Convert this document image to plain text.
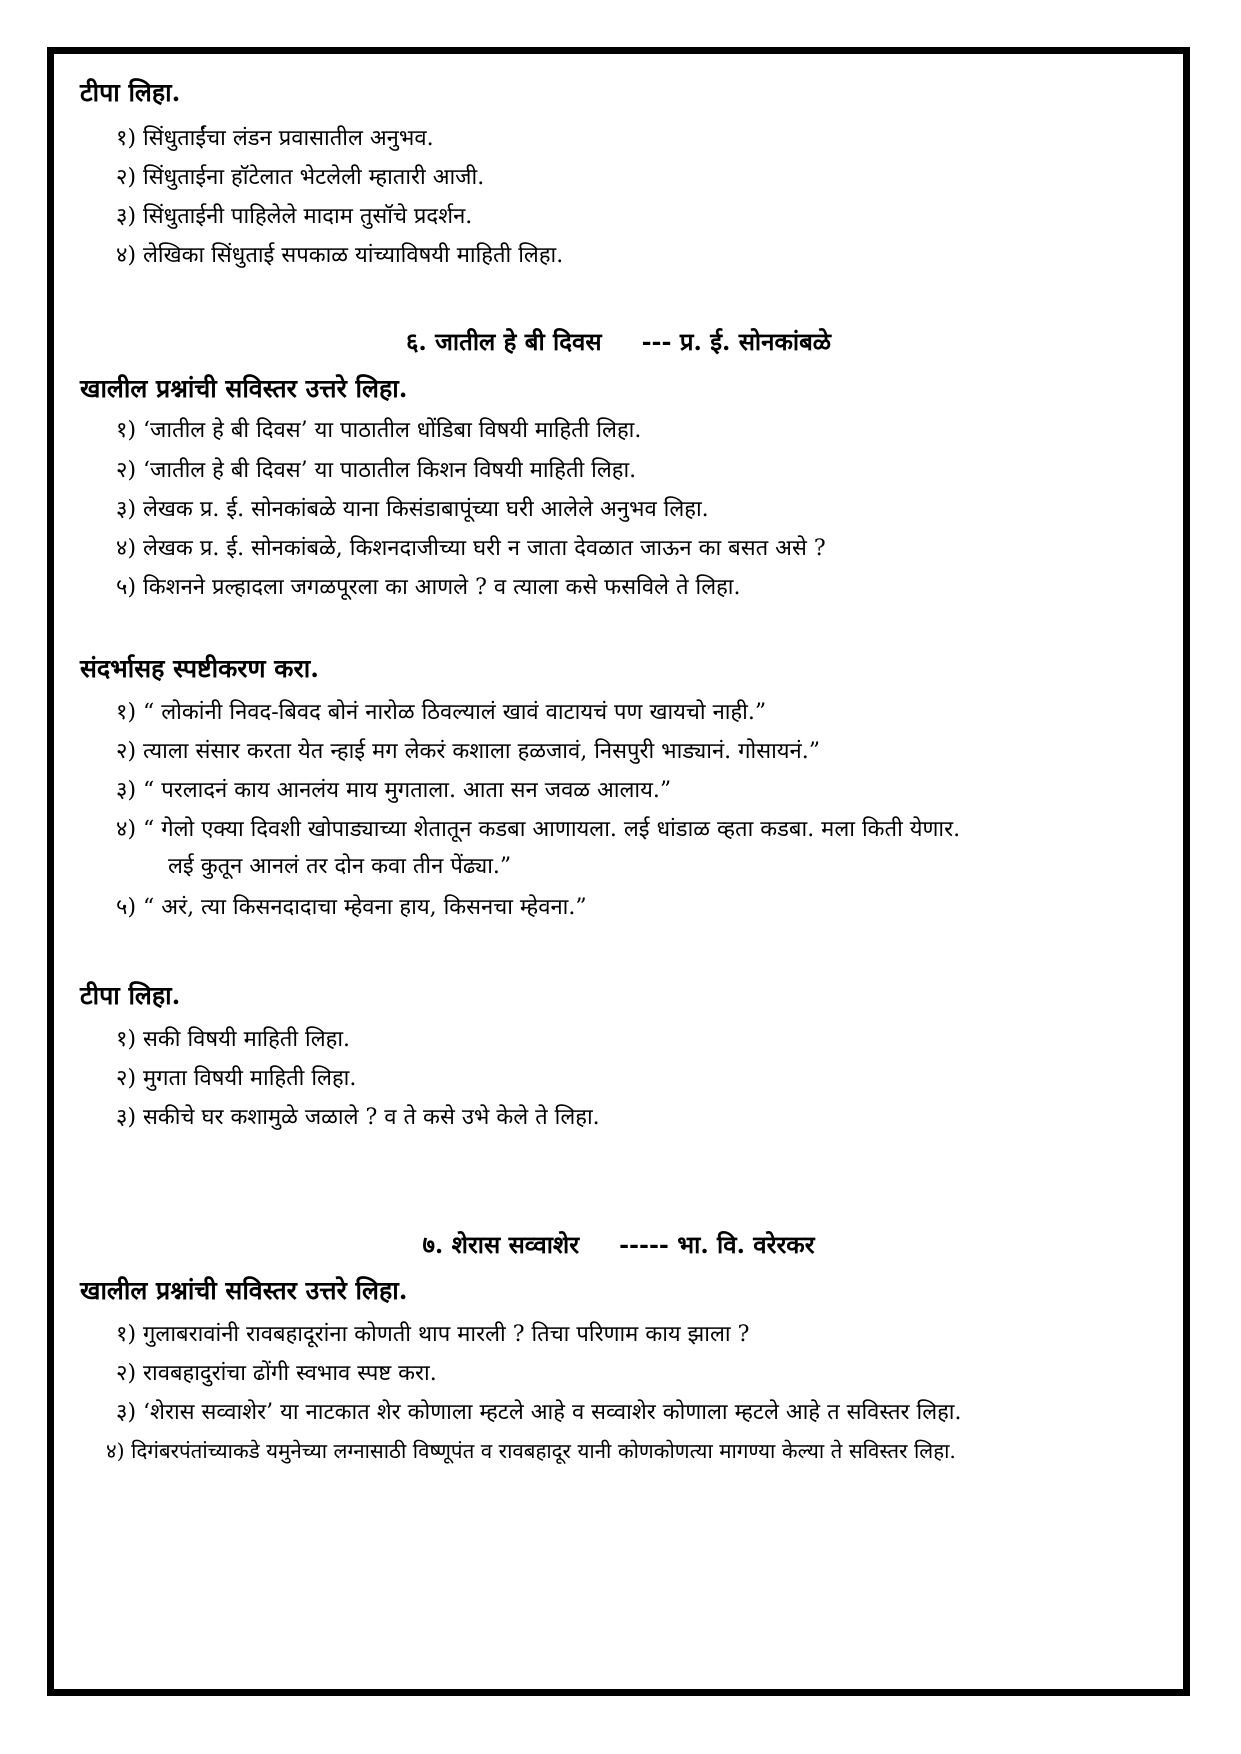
टीपा लिहा.
१) सिंधुताईंचा लंडन प्रवासातील अनुभव.
२) सिंधुताईना हॉटेलात भेटलेली म्हातारी आजी.
३) सिंधुताईनी पाहिलेले मादाम तुसॉचे प्रदर्शन.
४) लेखिका सिंधुताई सपकाळ यांच्याविषयी माहिती लिहा.
६. जातील हे बी दिवस --- प्र. ई. सोनकांबळे
खालील प्रश्नांची सविस्तर उत्तरे लिहा.
१) ‘जातील हे बी दिवस’ या पाठातील धोंडिबा विषयी माहिती लिहा.
२) ‘जातील हे बी दिवस’ या पाठातील किशन विषयी माहिती लिहा.
३) लेखक प्र. ई. सोनकांबळे याना किसंडाबापूंच्या घरी आलेले अनुभव लिहा.
४) लेखक प्र. ई. सोनकांबळे, किशनदाजीच्या घरी न जाता देवळात जाऊन का बसत असे ?
५) किशनने प्रल्हादला जगळपूरला का आणले ? व त्याला कसे फसविले ते लिहा.
संदर्भासह स्पष्टीकरण करा.
१) “ लोकांनी निवद-बिवद बोनं नारोळ ठिवल्यालं खावं वाटायचं पण खायचो नाही.”
२) त्याला संसार करता येत न्हाई मग लेकरं कशाला हळजावं, निसपुरी भाड्यानं. गोसायनं.”
३) “ परलादनं काय आनलंय माय मुगताला. आता सन जवळ आलाय.”
४) “ गेलो एक्या दिवशी खोपाड्याच्या शेतातून कडबा आणायला. लई धांडाळ व्हता कडबा. मला किती येणार.
लई कुतून आनलं तर दोन कवा तीन पेंढ्या.”
५) “ अरं, त्या किसनदादाचा म्हेवना हाय, किसनचा म्हेवना.”
टीपा लिहा.
१) सकी विषयी माहिती लिहा.
२) मुगता विषयी माहिती लिहा.
३) सकीचे घर कशामुळे जळाले ? व ते कसे उभे केले ते लिहा.
७. शेरास सव्वाशेर ----- भा. वि. वरेरकर
खालील प्रश्नांची सविस्तर उत्तरे लिहा.
१) गुलाबरावांनी रावबहादूरांना कोणती थाप मारली ? तिचा परिणाम काय झाला ?
२) रावबहादुरांचा ढोंगी स्वभाव स्पष्ट करा.
३) ‘शेरास सव्वाशेर’ या नाटकात शेर कोणाला म्हटले आहे व सव्वाशेर कोणाला म्हटले आहे त सविस्तर लिहा.
४) दिगंबरपंतांच्याकडे यमुनेच्या लग्नासाठी विष्णूपंत व रावबहादूर यानी कोणकोणत्या मागण्या केल्या ते सविस्तर लिहा.
